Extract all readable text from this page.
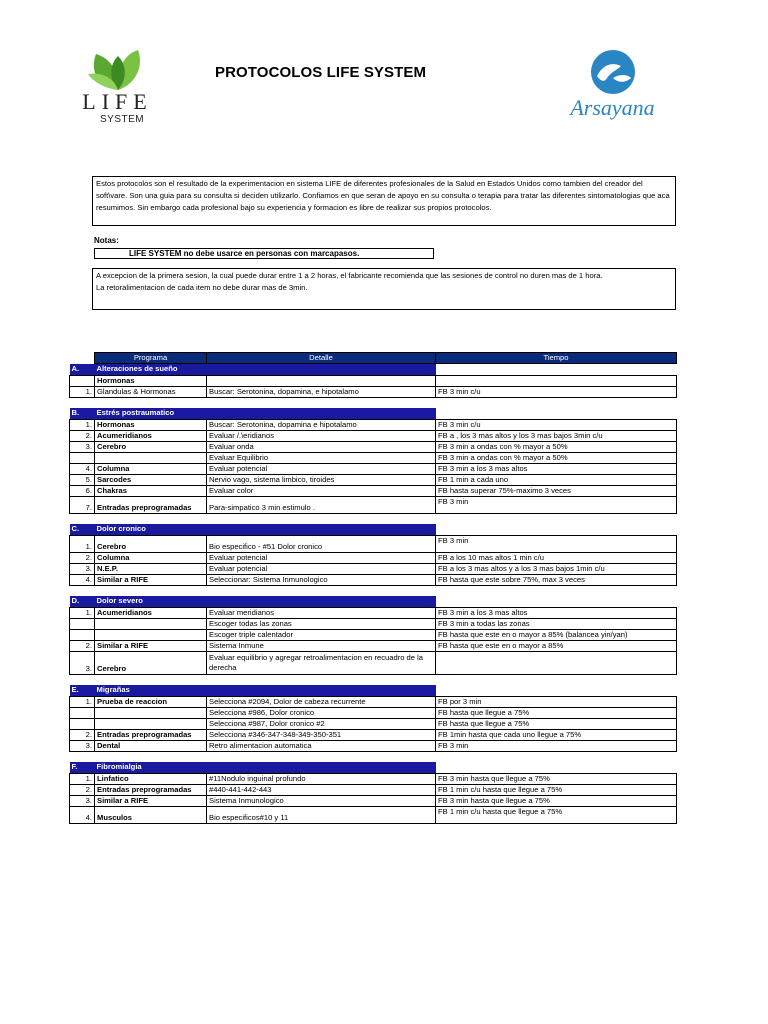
LIFE
SYSTEM
PROTOCOLOS LIFE SYSTEM
Arsayana
Estos protocolos son el resultado de la experimentacion en sistema LIFE de diferentes profesionales de la Salud en Estados Unidos como tambien del creador del soft\vare. Son una guia para su consulta si deciden utilizarlo. Confiamos en que seran de apoyo en su consulta o terapia para tratar las diferentes sintomatologias que aca resumimos. Sin embargo cada profesional bajo su experiencia y formacion es libre de realizar sus propios protocolos.
Notas:
LIFE SYSTEM no debe usarce en personas con marcapasos.
A excepcion de la primera sesion, la cual puede durar entre 1 a 2 horas, el fabricante recomienda que las sesiones de control no duren mas de 1 hora.
La retoralimentacion de cada item no debe durar mas de 3min.
	Programa	Detalle	Tiempo
A.	Alteraciones de sueño		
	Hormonas		
1.	Glandulas & Hormonas	Buscar: Serotonina, dopamina, e hipotalamo	FB 3 min c/u

B.	Estrés postraumatico		
1.	Hormonas	Buscar: Serotonina, dopamina e hipotalamo	FB 3 min c/u
2.	Acumeridianos	Evaluar /.\eridianos	FB a , los 3 mas altos y los 3 mas bajos 3min c/u
3.	Cerebro	Evaluar onda	FB 3 min a ondas con % mayor a 50%
		Evaluar Equilibrio	FB 3 min a ondas con % mayor a 50%
4.	Columna	Evaluar potencial	FB 3 min a los 3 mas altos
5.	Sarcodes	Nervio vago, sistema limbico, tiroides	FB 1 min a cada uno
6.	Chakras	Evaluar color	FB hasta superar 75%-maximo 3 veces
7.	Entradas preprogramadas	Para-simpatico 3 min estimulo .	FB 3 min

C.	Dolor cronico		
1.	Cerebro	Bio especifico - #51 Dolor cronico	FB 3 min
2.	Columna	Evaluar potencial	FB a los 10 mas altos 1 min c/u
3.	N.E.P.	Evaluar potencial	FB a los 3 mas altos y a los 3 mas bajos 1min c/u
4.	Similar a RIFE	Seleccionar: Sistema Inmunologico	FB hasta que este sobre 75%, max 3 veces

D.	Dolor severo		
1.	Acumeridianos	Evaluar meridianos	FB 3 min a los 3 mas altos
		Escoger todas las zonas	FB 3 min a todas las zonas
		Escoger triple calentador	FB hasta que este en o mayor a 85% (balancea yin/yan)
2.	Similar a RIFE	Sistema Inmune	FB hasta que este en o mayor a 85%
3.	Cerebro	Evaluar equilibrio y agregar retroalimentacion en recuadro de la derecha	

E.	Migrañas		
1.	Prueba de reaccion	Selecciona #2094, Dolor de cabeza recurrente	FB por 3 min
		Selecciona #986, Dolor cronico	FB hasta que llegue a 75%
		Selecciona #987, Dolor cronico #2	FB hasta que llegue a 75%
2.	Entradas preprogramadas	Selecciona #346-347-348-349-350-351	FB 1min hasta que cada uno llegue a 75%
3.	Dental	Retro alimentacion automatica	FB 3 min

F.	Fibromialgia		
1.	Linfatico	#11Nodulo inguinal profundo	FB 3 min hasta que llegue a 75%
2.	Entradas preprogramadas	#440-441-442-443	FB 1 min c/u hasta que llegue a 75%
3.	Similar a RIFE	Sistema Inmunologico	FB 3 min hasta que llegue a 75%
4.	Musculos	Bio especificos#10 y 11	FB 1 min c/u hasta que llegue a 75%
